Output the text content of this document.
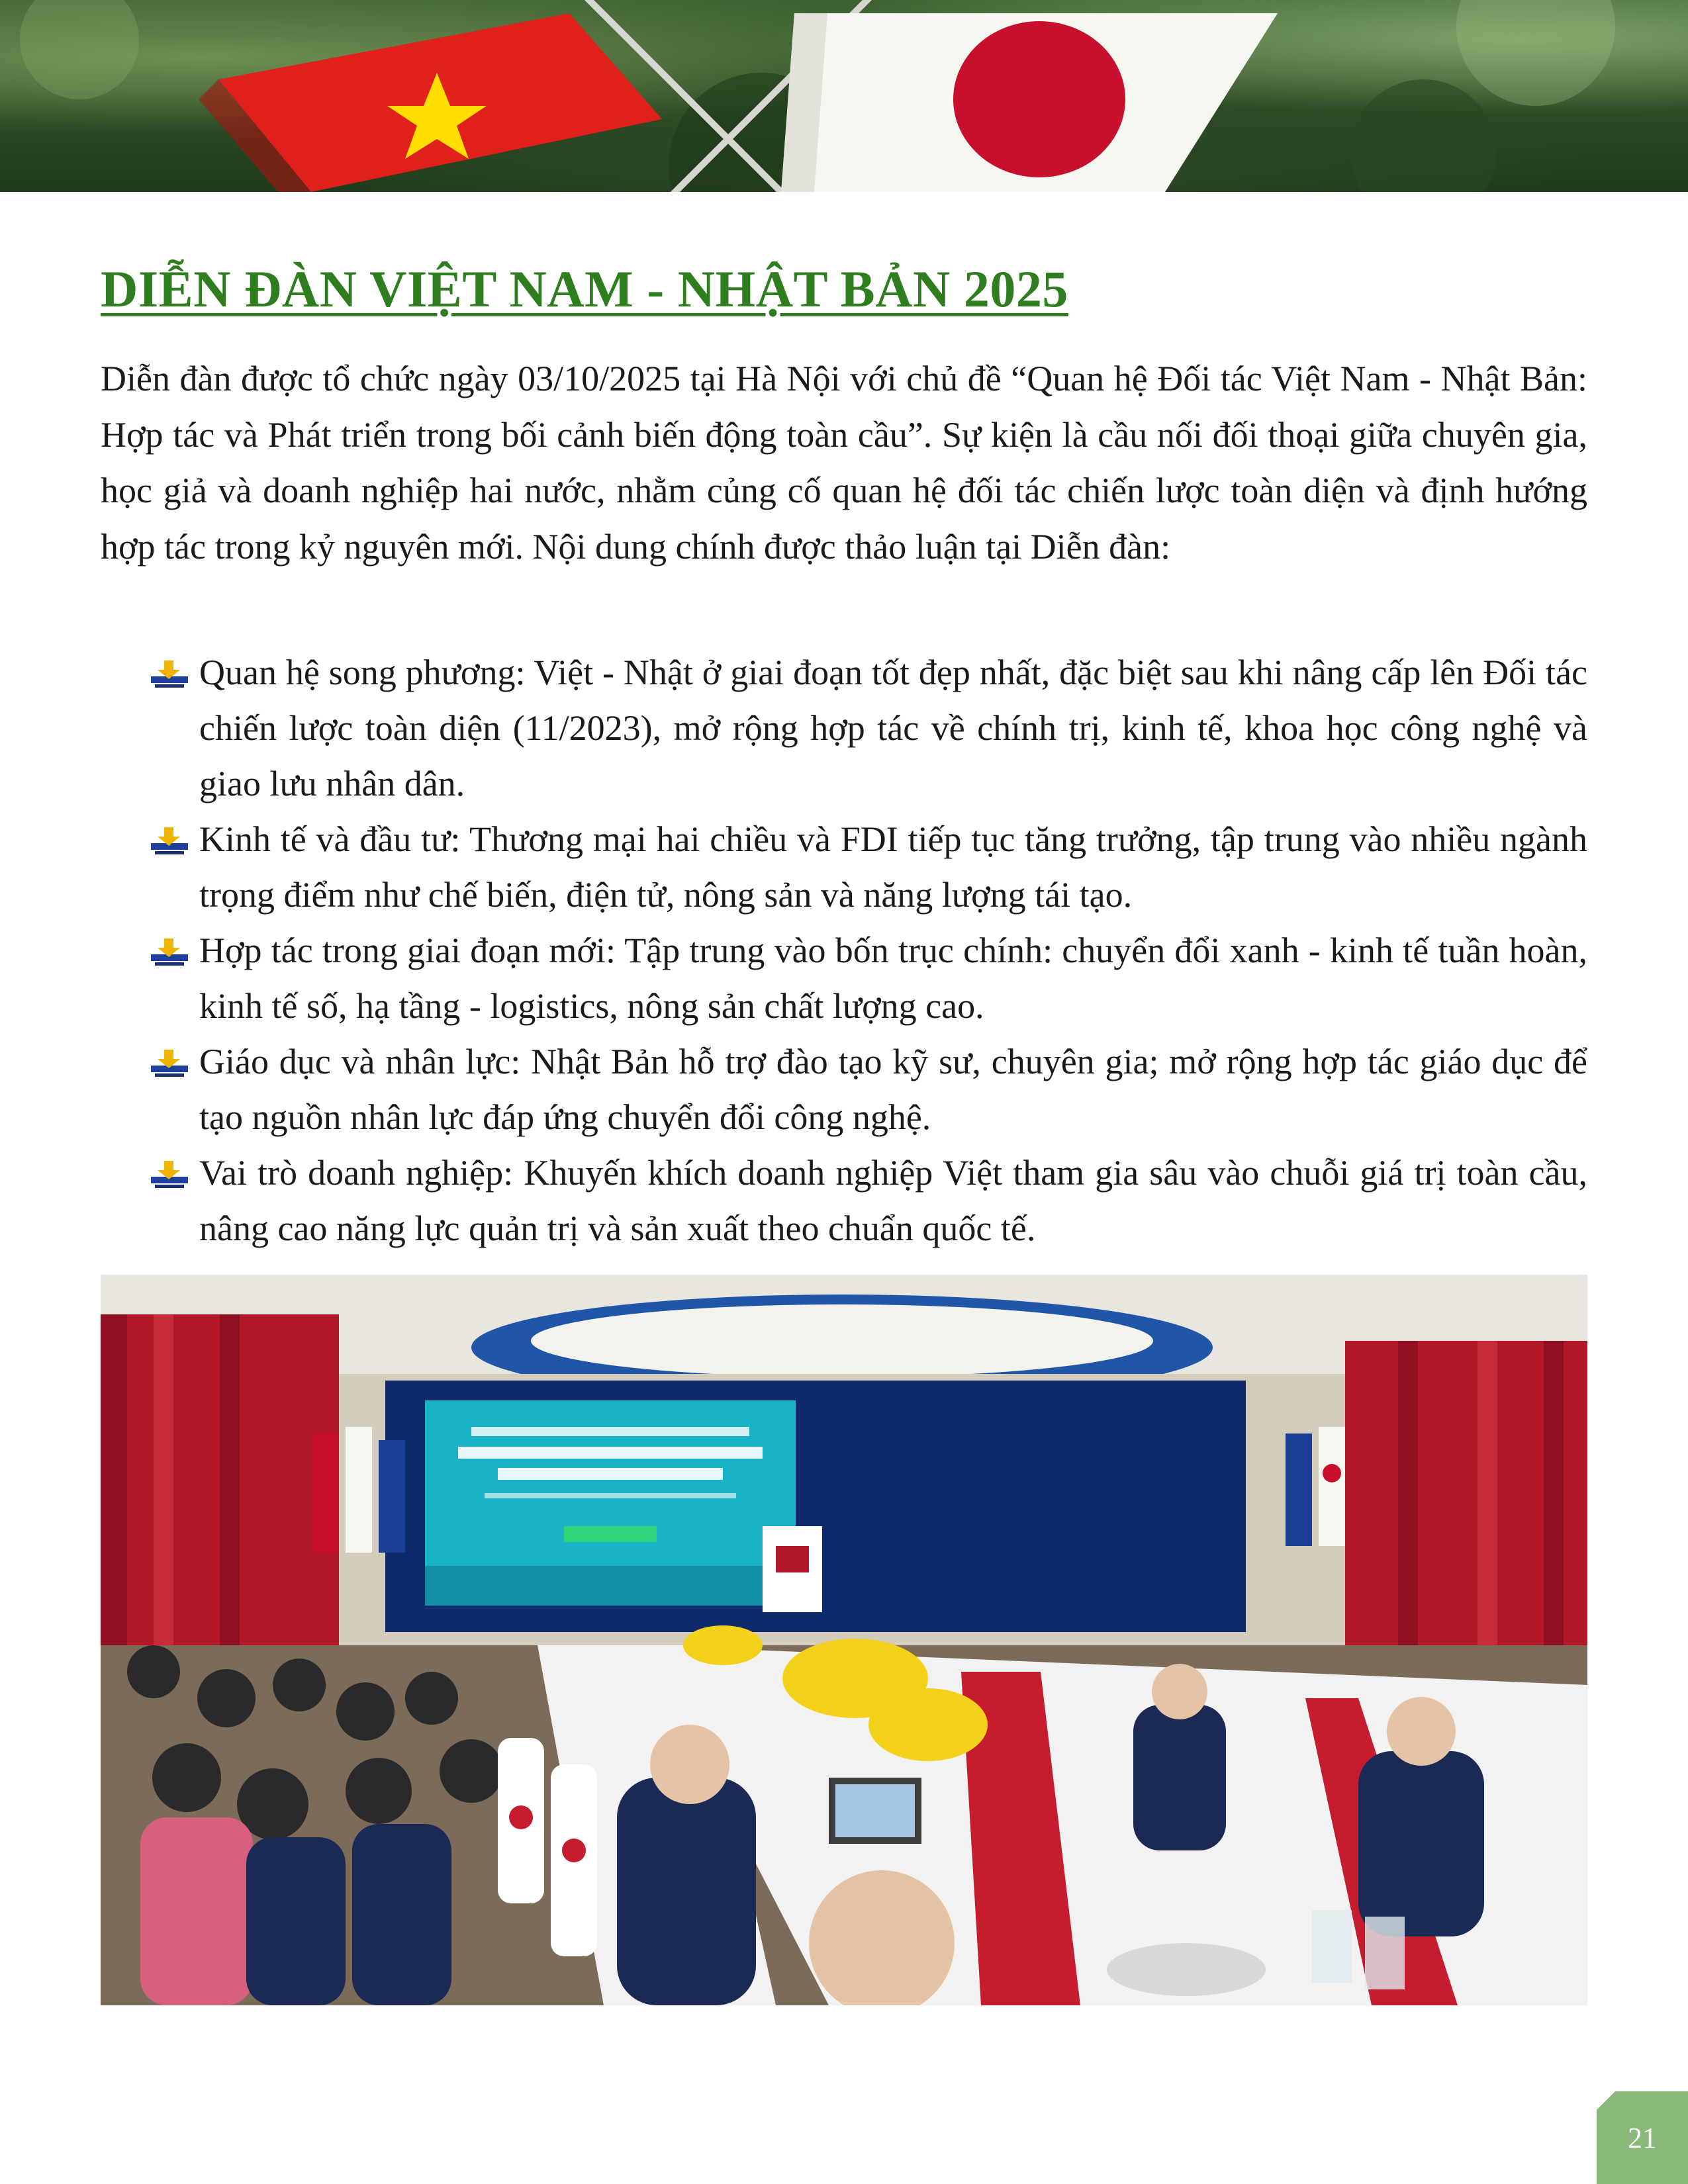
DIỄN ĐÀN VIỆT NAM - NHẬT BẢN 2025

Diễn đàn được tổ chức ngày 03/10/2025 tại Hà Nội với chủ đề “Quan hệ Đối tác Việt Nam - Nhật Bản: Hợp tác và Phát triển trong bối cảnh biến động toàn cầu”. Sự kiện là cầu nối đối thoại giữa chuyên gia, học giả và doanh nghiệp hai nước, nhằm củng cố quan hệ đối tác chiến lược toàn diện và định hướng hợp tác trong kỷ nguyên mới. Nội dung chính được thảo luận tại Diễn đàn:

Quan hệ song phương: Việt - Nhật ở giai đoạn tốt đẹp nhất, đặc biệt sau khi nâng cấp lên Đối tác chiến lược toàn diện (11/2023), mở rộng hợp tác về chính trị, kinh tế, khoa học công nghệ và giao lưu nhân dân.
Kinh tế và đầu tư: Thương mại hai chiều và FDI tiếp tục tăng trưởng, tập trung vào nhiều ngành trọng điểm như chế biến, điện tử, nông sản và năng lượng tái tạo.
Hợp tác trong giai đoạn mới: Tập trung vào bốn trục chính: chuyển đổi xanh - kinh tế tuần hoàn, kinh tế số, hạ tầng - logistics, nông sản chất lượng cao.
Giáo dục và nhân lực: Nhật Bản hỗ trợ đào tạo kỹ sư, chuyên gia; mở rộng hợp tác giáo dục để tạo nguồn nhân lực đáp ứng chuyển đổi công nghệ.
Vai trò doanh nghiệp: Khuyến khích doanh nghiệp Việt tham gia sâu vào chuỗi giá trị toàn cầu, nâng cao năng lực quản trị và sản xuất theo chuẩn quốc tế.
21
